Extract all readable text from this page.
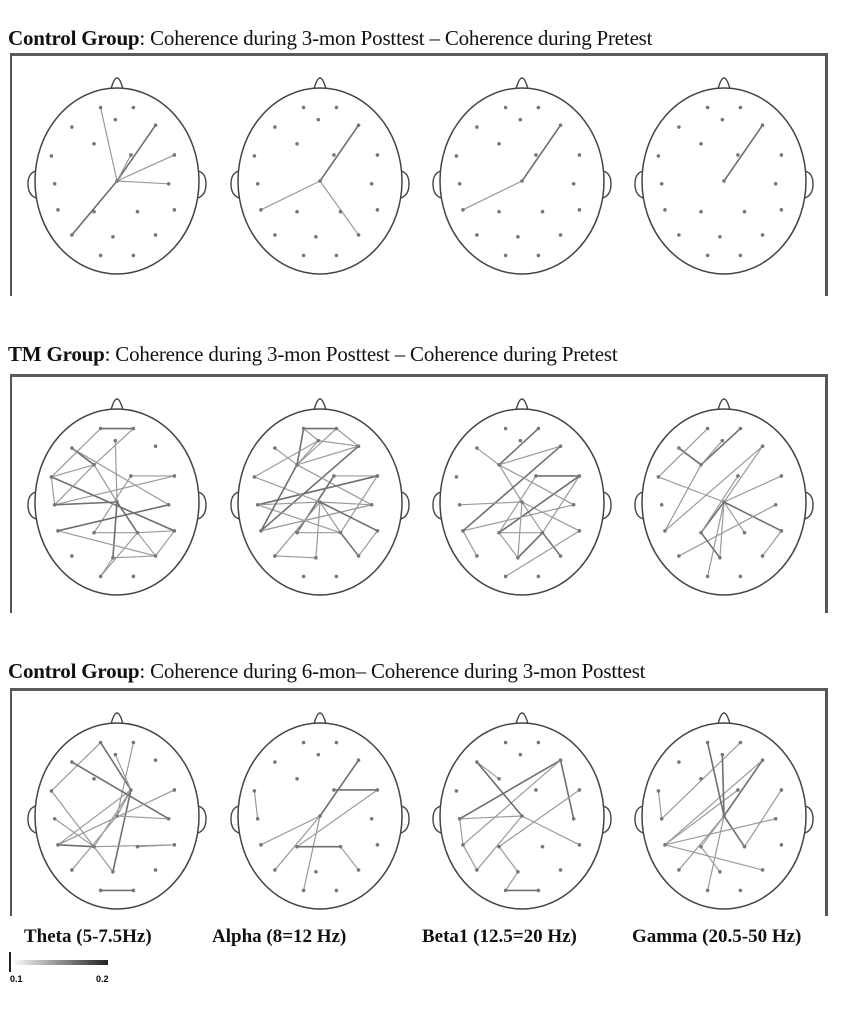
Control Group: Coherence during 3-mon Posttest – Coherence during Pretest
TM Group: Coherence during 3-mon Posttest – Coherence during Pretest
Control Group: Coherence during 6-mon– Coherence during 3-mon Posttest
Theta (5-7.5Hz)	Alpha (8=12 Hz)	Beta1 (12.5=20 Hz)	Gamma (20.5-50 Hz)
0.1	0.2
